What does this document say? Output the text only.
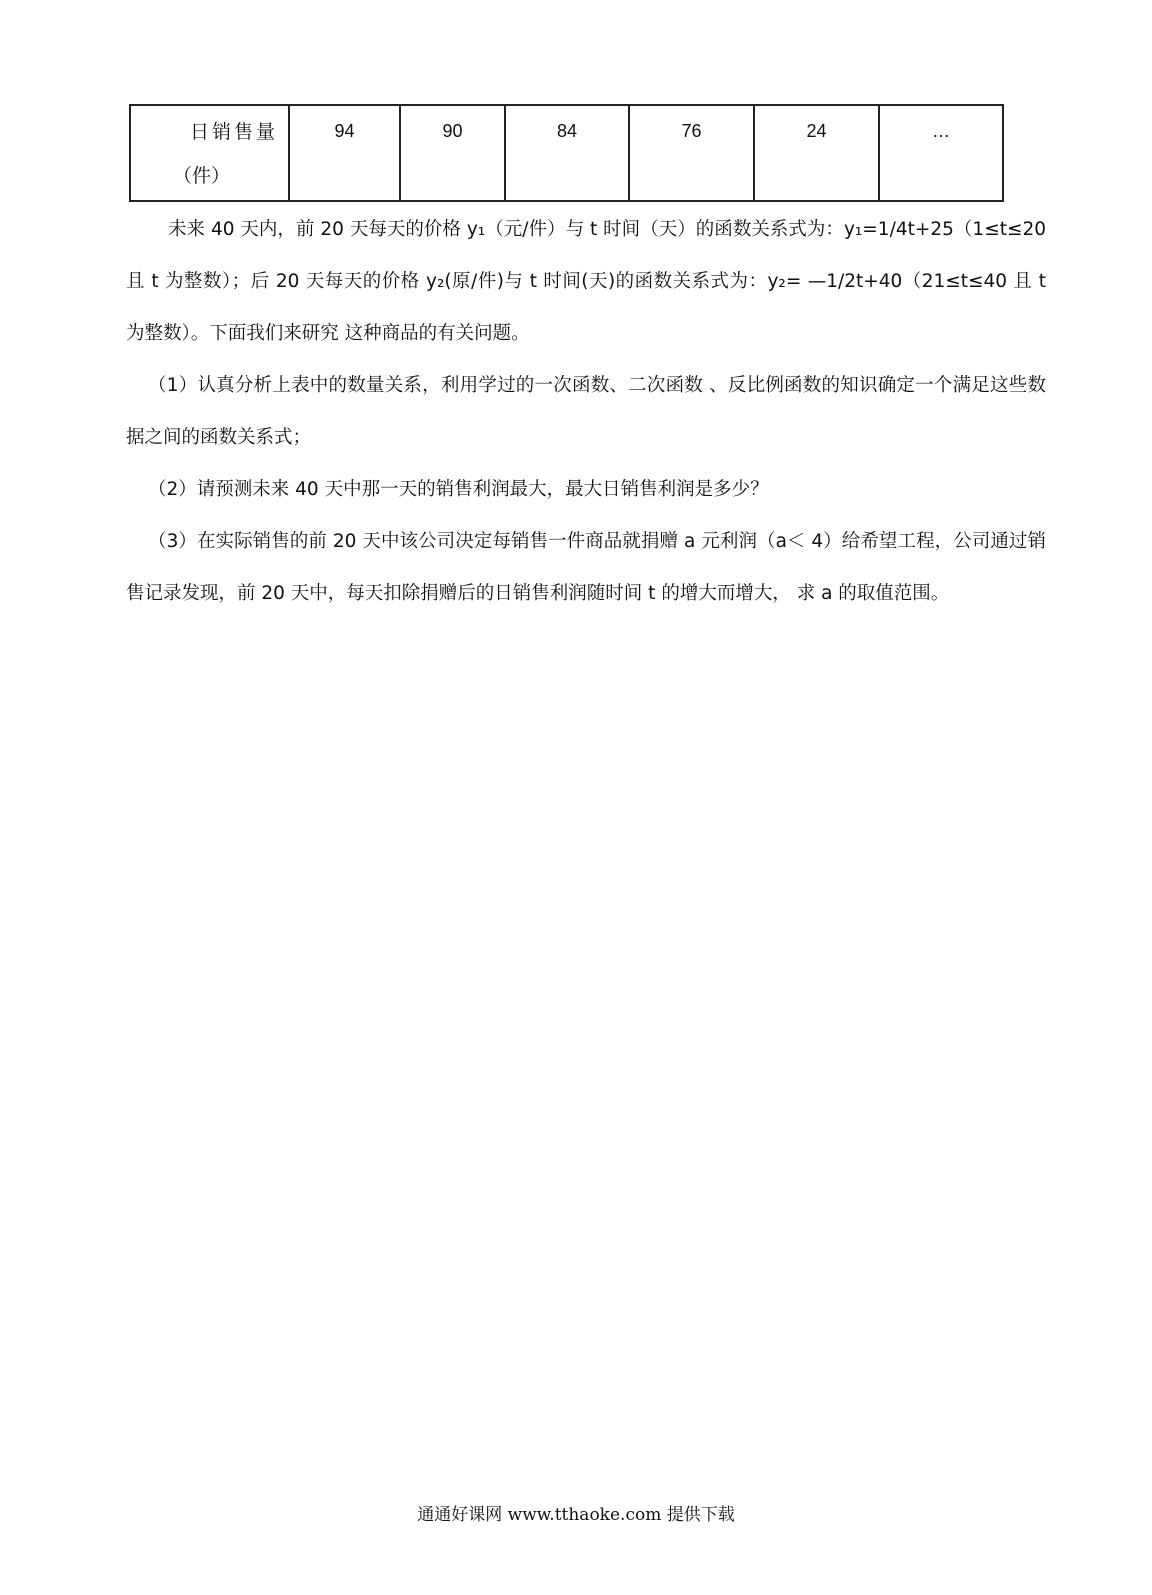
日销售量
（件）
	94	90	84	76	24	…

未来 40 天内，前 20 天每天的价格 y₁（元/件）与 t 时间（天）的函数关系式为：y₁=1/4t+25（1≤t≤20 且 t 为整数）；后 20 天每天的价格 y₂(原/件)与 t 时间(天)的函数关系式为：y₂= —1/2t+40（21≤t≤40 且 t 为整数）。下面我们来研究 这种商品的有关问题。

（1）认真分析上表中的数量关系，利用学过的一次函数、二次函数 、反比例函数的知识确定一个满足这些数据之间的函数关系式；

（2）请预测未来 40 天中那一天的销售利润最大，最大日销售利润是多少？

（3）在实际销售的前 20 天中该公司决定每销售一件商品就捐赠 a 元利润（a＜ 4）给希望工程，公司通过销售记录发现，前 20 天中，每天扣除捐赠后的日销售利润随时间 t 的增大而增大， 求 a 的取值范围。

通通好课网 www.tthaoke.com 提供下载
